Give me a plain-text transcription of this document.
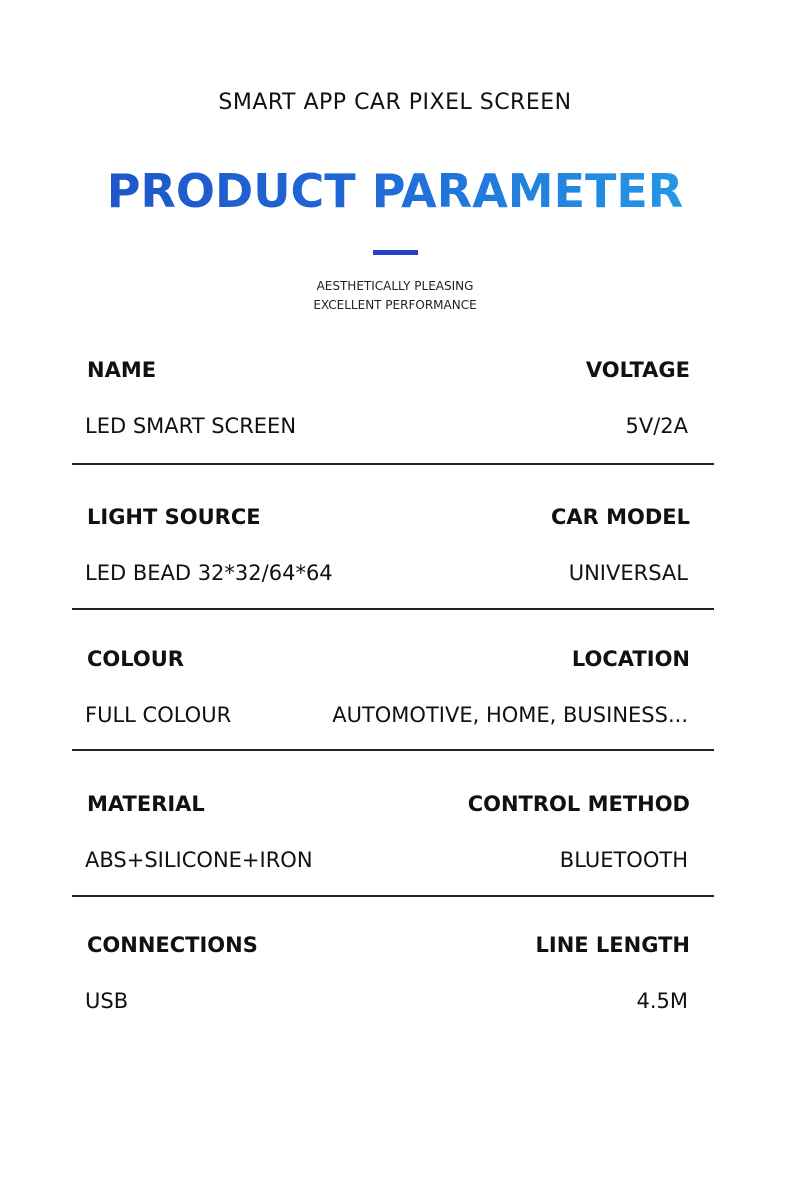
SMART APP CAR PIXEL SCREEN
PRODUCT PARAMETER
AESTHETICALLY PLEASING
EXCELLENT PERFORMANCE
NAME	VOLTAGE
LED SMART SCREEN	5V/2A
LIGHT SOURCE	CAR MODEL
LED BEAD 32*32/64*64	UNIVERSAL
COLOUR	LOCATION
FULL COLOUR	AUTOMOTIVE, HOME, BUSINESS...
MATERIAL	CONTROL METHOD
ABS+SILICONE+IRON	BLUETOOTH
CONNECTIONS	LINE LENGTH
USB	4.5M
